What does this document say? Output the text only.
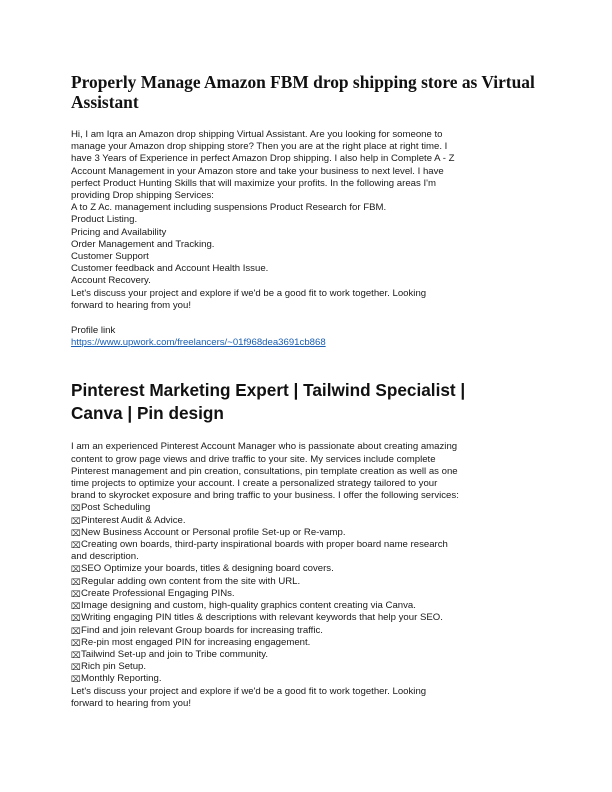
Properly Manage Amazon FBM drop shipping store as Virtual Assistant
Hi, I am Iqra an Amazon drop shipping Virtual Assistant. Are you looking for someone to
manage your Amazon drop shipping store? Then you are at the right place at right time. I
have 3 Years of Experience in perfect Amazon Drop shipping. I also help in Complete A - Z
Account Management in your Amazon store and take your business to next level. I have
perfect Product Hunting Skills that will maximize your profits. In the following areas I'm
providing Drop shipping Services:
A to Z Ac. management including suspensions Product Research for FBM.
Product Listing.
Pricing and Availability
Order Management and Tracking.
Customer Support
Customer feedback and Account Health Issue.
Account Recovery.
Let's discuss your project and explore if we'd be a good fit to work together. Looking
forward to hearing from you!
Profile link
https://www.upwork.com/freelancers/~01f968dea3691cb868
Pinterest Marketing Expert | Tailwind Specialist |
Canva | Pin design
I am an experienced Pinterest Account Manager who is passionate about creating amazing
content to grow page views and drive traffic to your site. My services include complete
Pinterest management and pin creation, consultations, pin template creation as well as one
time projects to optimize your account. I create a personalized strategy tailored to your
brand to skyrocket exposure and bring traffic to your business. I offer the following services:
⌧ Post Scheduling
⌧ Pinterest Audit & Advice.
⌧ New Business Account or Personal profile Set-up or Re-vamp.
⌧ Creating own boards, third-party inspirational boards with proper board name research
and description.
⌧ SEO Optimize your boards, titles & designing board covers.
⌧ Regular adding own content from the site with URL.
⌧ Create Professional Engaging PINs.
⌧ Image designing and custom, high-quality graphics content creating via Canva.
⌧ Writing engaging PIN titles & descriptions with relevant keywords that help your SEO.
⌧ Find and join relevant Group boards for increasing traffic.
⌧ Re-pin most engaged PIN for increasing engagement.
⌧ Tailwind Set-up and join to Tribe community.
⌧ Rich pin Setup.
⌧ Monthly Reporting.
Let's discuss your project and explore if we'd be a good fit to work together. Looking
forward to hearing from you!
